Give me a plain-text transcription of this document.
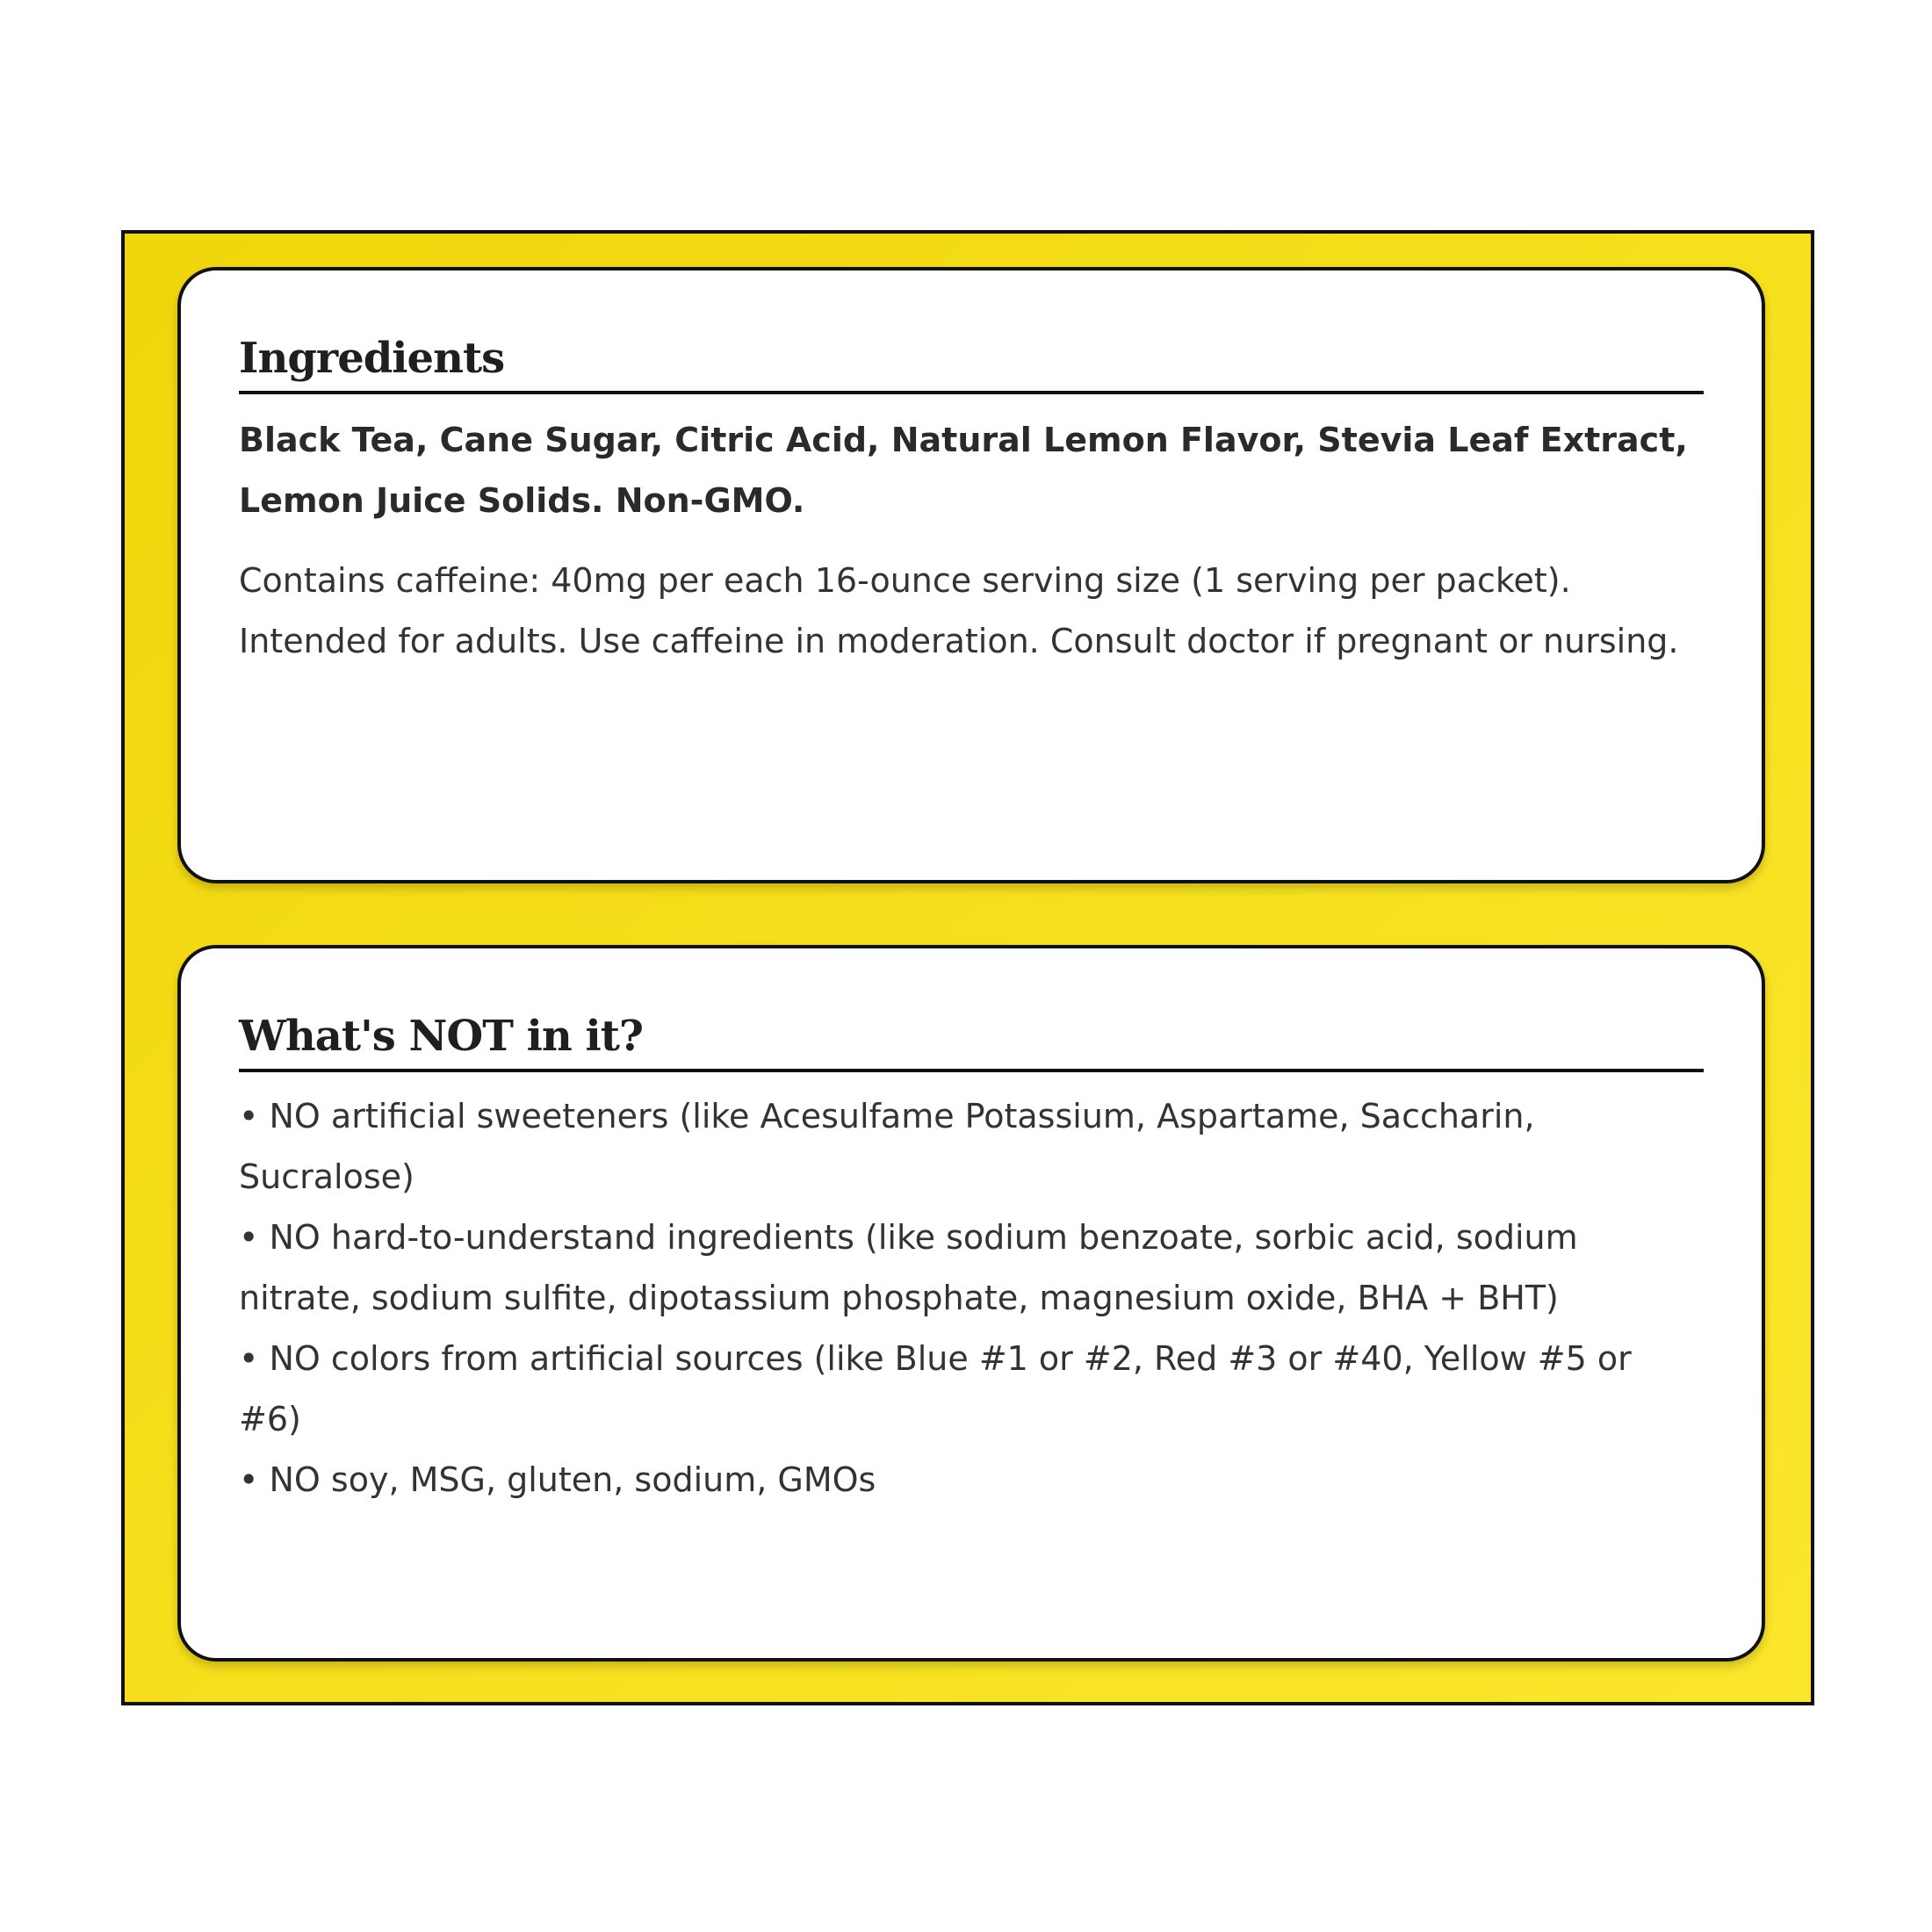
Ingredients

Black Tea, Cane Sugar, Citric Acid, Natural Lemon Flavor, Stevia Leaf Extract, Lemon Juice Solids. Non-GMO.

Contains caffeine: 40mg per each 16-ounce serving size (1 serving per packet). Intended for adults. Use caffeine in moderation. Consult doctor if pregnant or nursing.

What's NOT in it?
• NO artificial sweeteners (like Acesulfame Potassium, Aspartame, Saccharin, Sucralose)
• NO hard-to-understand ingredients (like sodium benzoate, sorbic acid, sodium nitrate, sodium sulfite, dipotassium phosphate, magnesium oxide, BHA + BHT)
• NO colors from artificial sources (like Blue #1 or #2, Red #3 or #40, Yellow #5 or #6)
• NO soy, MSG, gluten, sodium, GMOs
